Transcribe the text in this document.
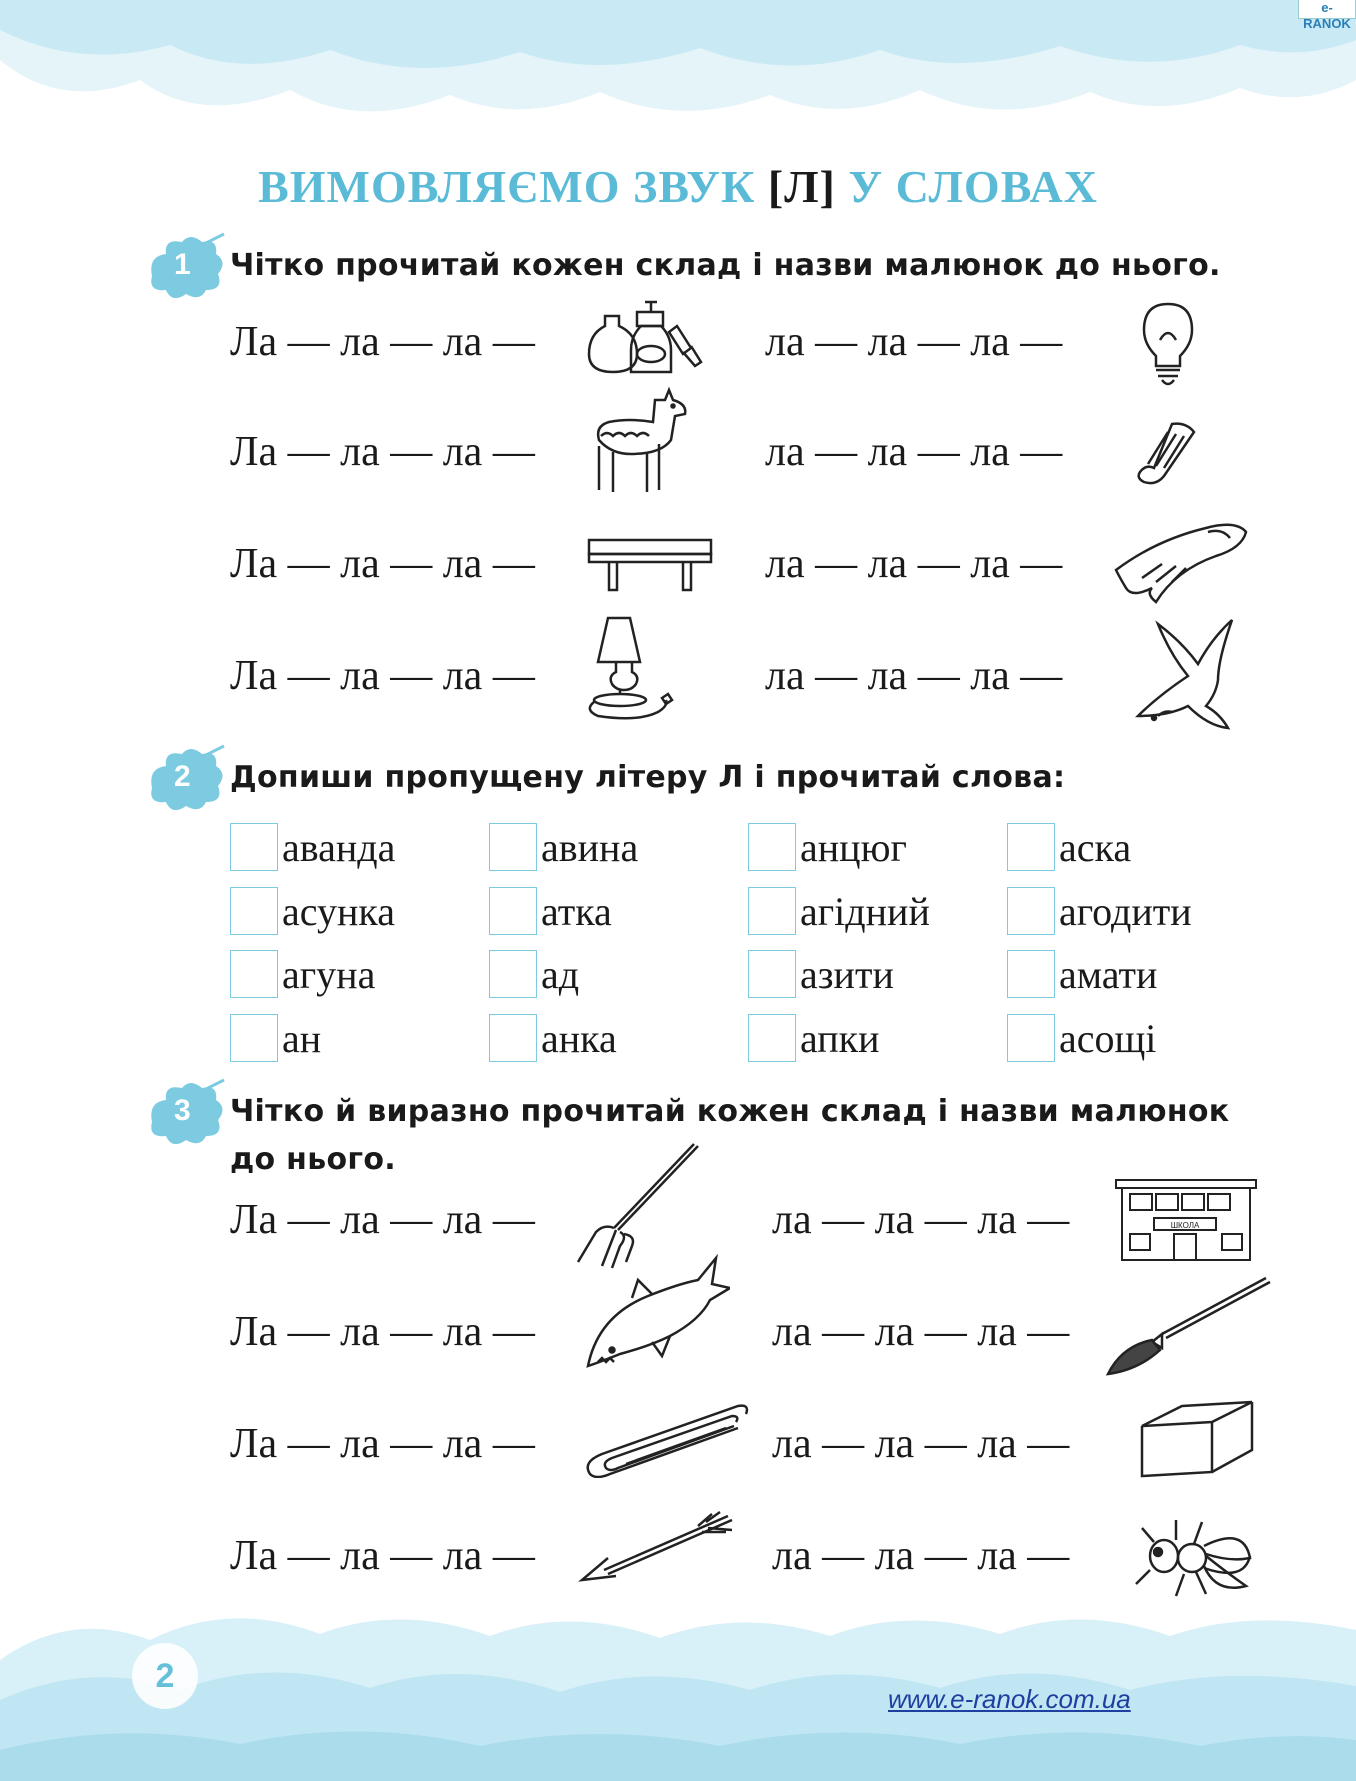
e-RANOK
ВИМОВЛЯЄМО ЗВУК [Л] У СЛОВАХ
1 Чітко прочитай кожен склад і назви малюнок до нього.
Ла — ла — ла —	ла — ла — ла —
Ла — ла — ла —	ла — ла — ла —
Ла — ла — ла —	ла — ла — ла —
Ла — ла — ла —	ла — ла — ла —
2 Допиши пропущену літеру Л і прочитай слова:
аванда	авина	анцюг	аска
асунка	атка	агідний	агодити
агуна	ад	азити	амати
ан	анка	апки	асощі
3 Чітко й виразно прочитай кожен склад і назви малюнок
до нього.
Ла — ла — ла —	ла — ла — ла —
Ла — ла — ла —	ла — ла — ла —
Ла — ла — ла —	ла — ла — ла —
Ла — ла — ла —	ла — ла — ла —
ШКОЛА
2
www.e-ranok.com.ua
